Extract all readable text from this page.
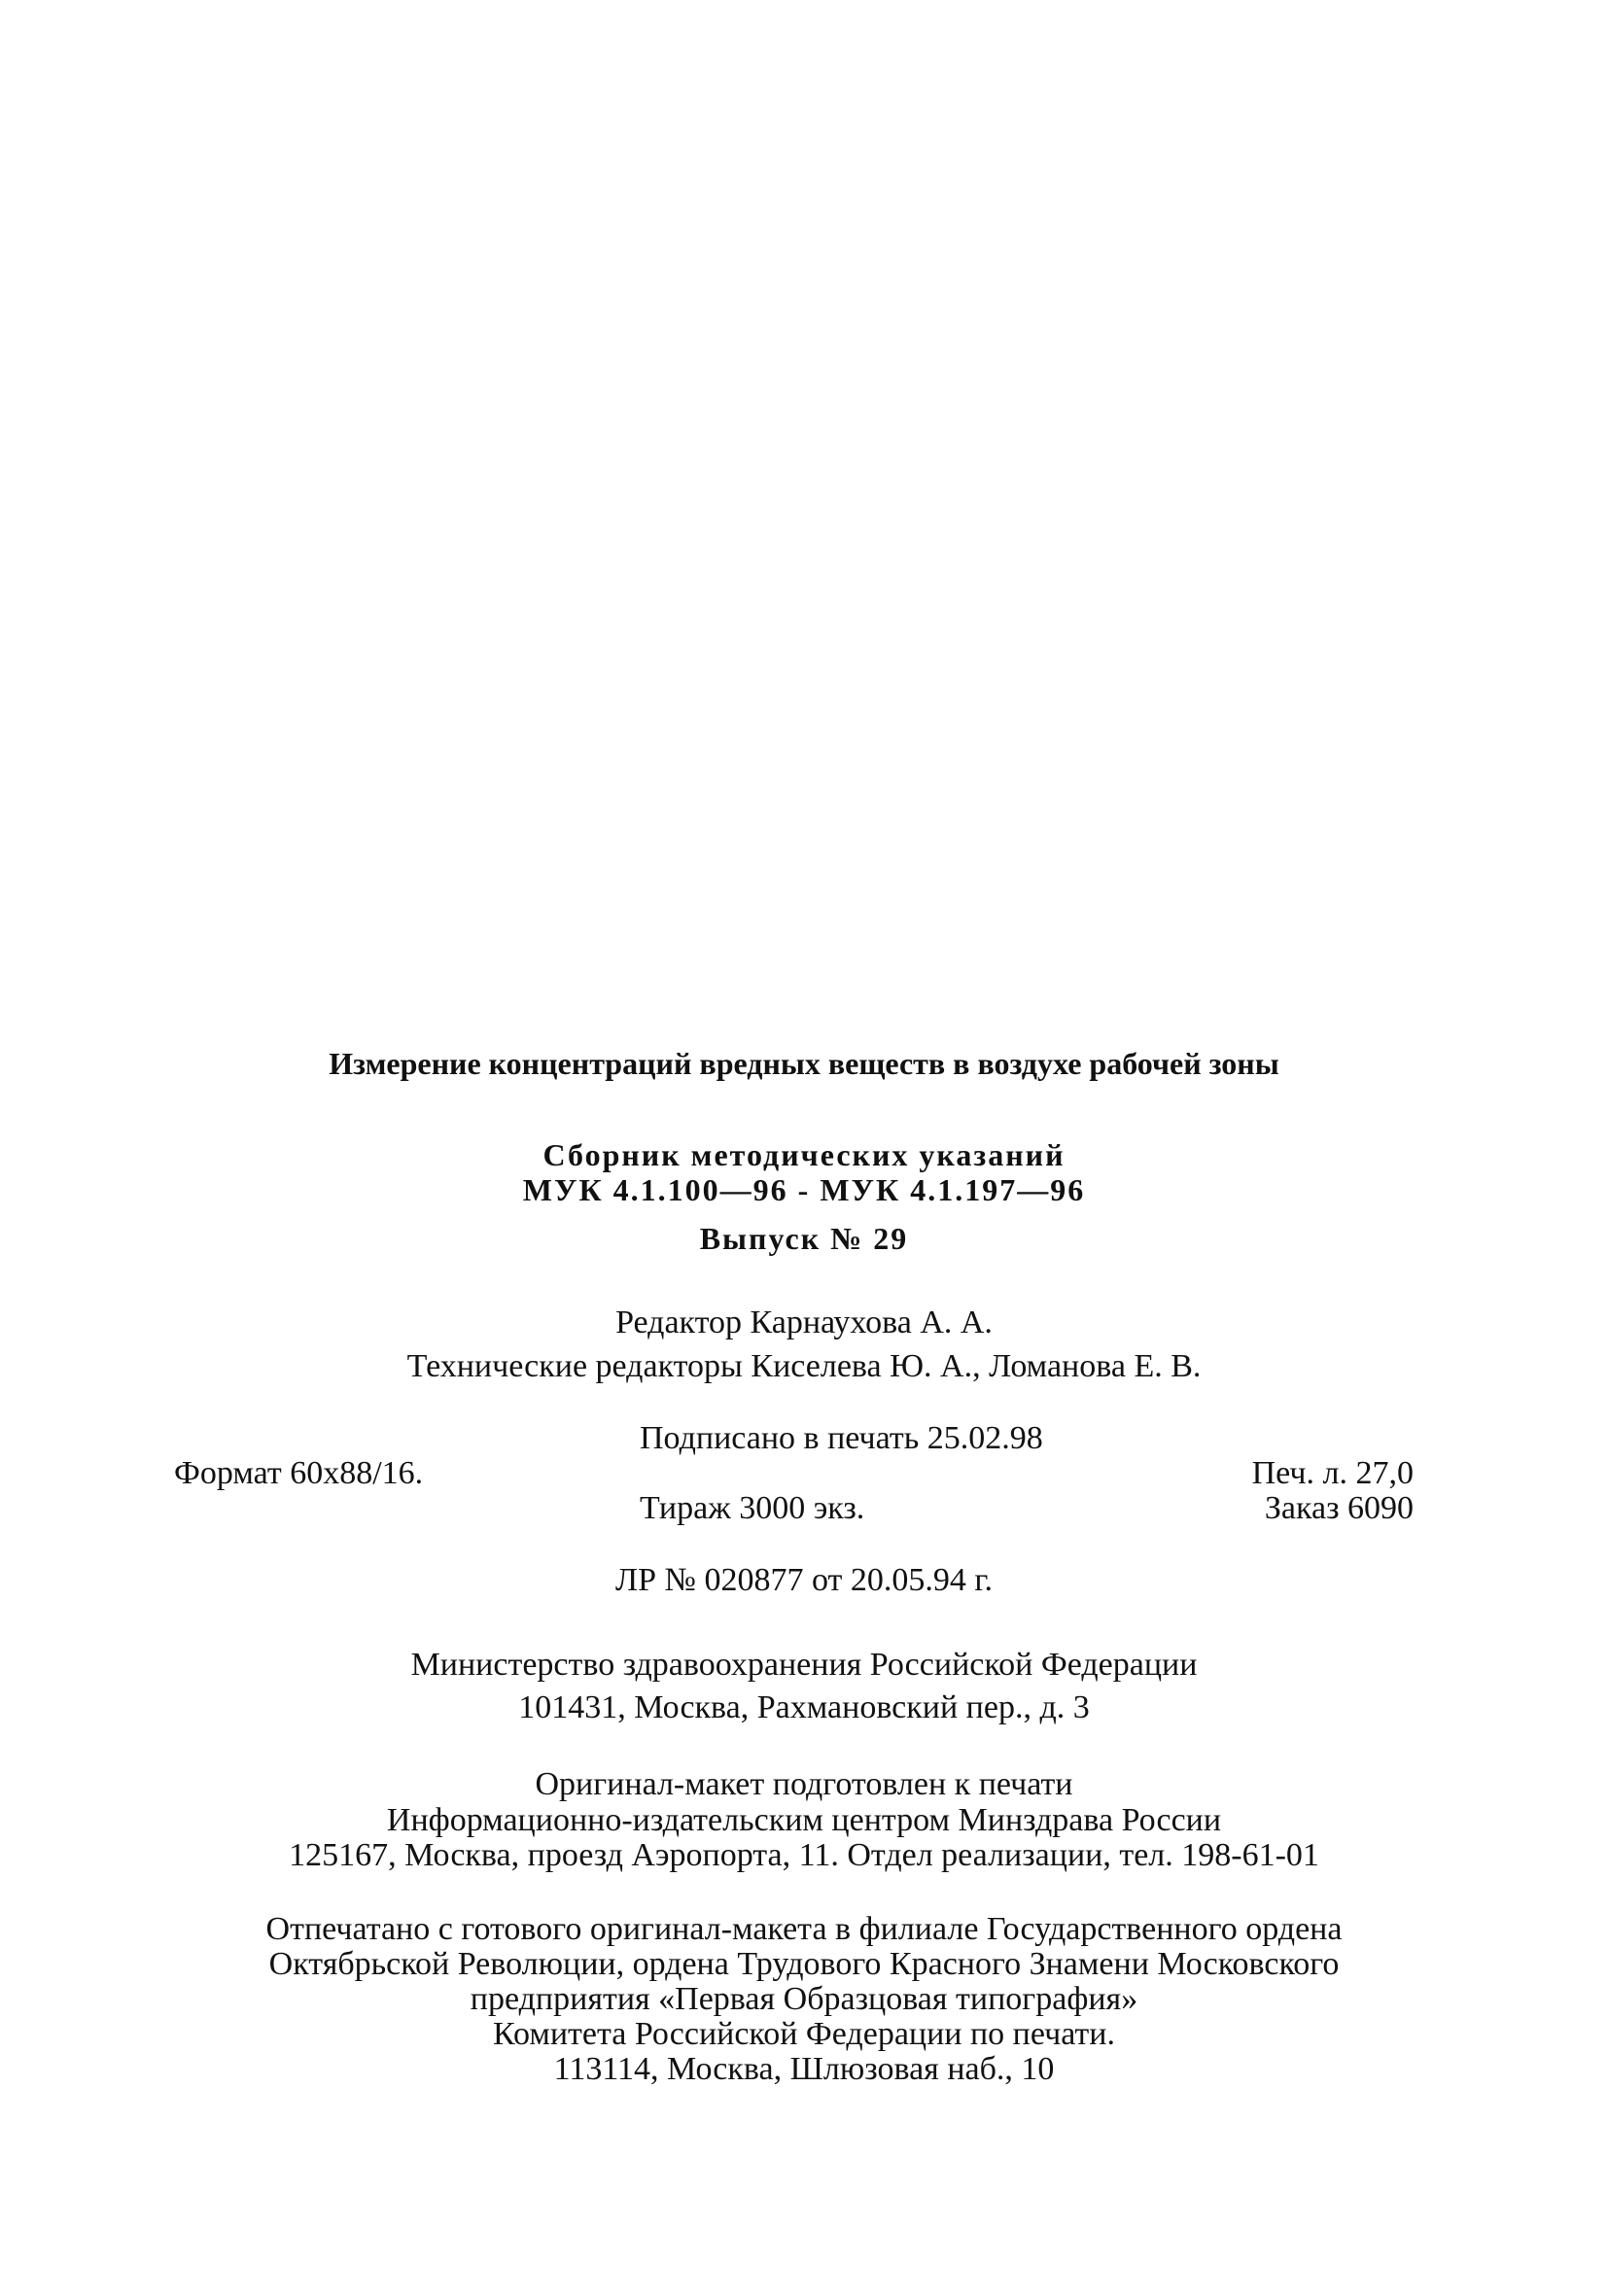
Измерение концентраций вредных веществ в воздухе рабочей зоны
Сборник методических указаний
МУК 4.1.100—96 - МУК 4.1.197—96
Выпуск № 29
Редактор Карнаухова А. А.
Технические редакторы Киселева Ю. А., Ломанова Е. В.
Подписано в печать 25.02.98
Формат 60x88/16.	Печ. л. 27,0
Тираж 3000 экз.	Заказ 6090
ЛР № 020877 от 20.05.94 г.
Министерство здравоохранения Российской Федерации
101431, Москва, Рахмановский пер., д. 3
Оригинал-макет подготовлен к печати
Информационно-издательским центром Минздрава России
125167, Москва, проезд Аэропорта, 11. Отдел реализации, тел. 198-61-01
Отпечатано с готового оригинал-макета в филиале Государственного ордена
Октябрьской Революции, ордена Трудового Красного Знамени Московского
предприятия «Первая Образцовая типография»
Комитета Российской Федерации по печати.
113114, Москва, Шлюзовая наб., 10
